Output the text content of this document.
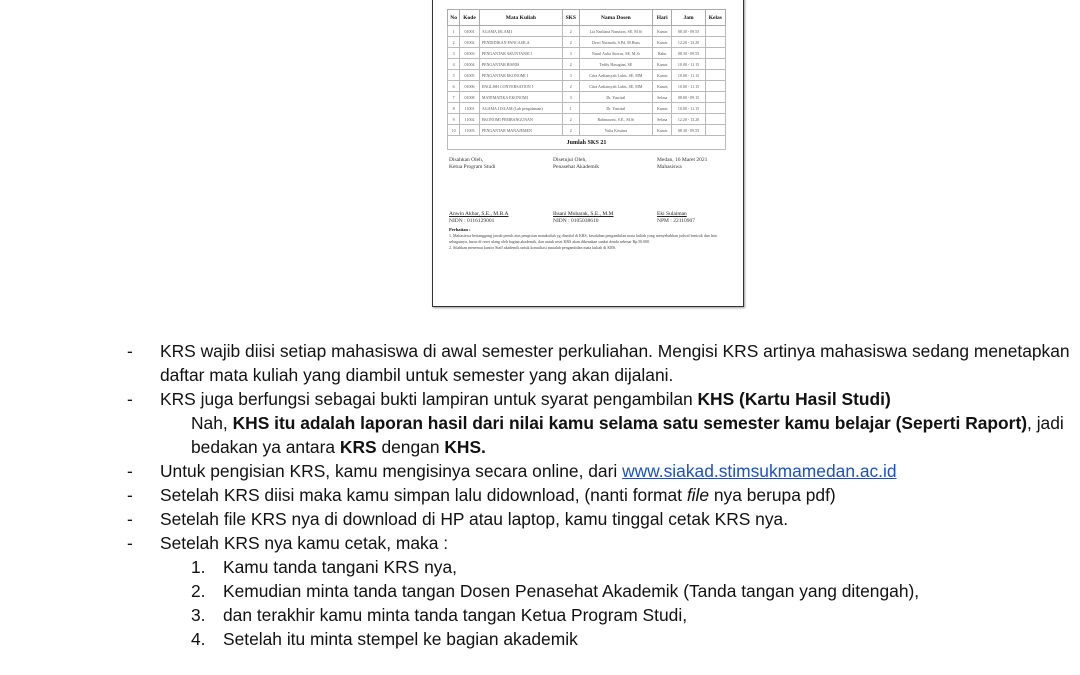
No	Kode	Mata Kuliah	SKS	Nama Dosen	Hari	Jam	Kelas
1	01001	AGAMA ISLAM I	2	Lia Nazliana Nasution, SE, M.Si	Kamis	08.30 - 09.55	
2	01002	PENDIDIKAN PANCASILA	2	Dewi Nurmala, S.Pd, M.Hum	Kamis	12.20 - 13.20	
3	01003	PENGANTAR AKUNTANSI I	3	Nurul Aulia Sitorus, SE, M.Si	Rabu	08.30 - 09.55	
4	01004	PENGANTAR BISNIS	2	Teddy Hasugian, SE	Kamis	10.00 - 11.15	
5	01005	PENGANTAR EKONOMI I	3	Citra Ardiansyah Lubis, SE, MM	Kamis	10.00 - 11.15	
6	01006	ENGLISH CONVERSATION I	2	Citra Ardiansyah Lubis, SE, MM	Kamis	10.00 - 11.15	
7	01008	MATEMATIKA EKONOMI	3	Dr. Yusrizal	Selasa	08.00 - 09.15	
8	11001	AGAMA I ISLAM (Lab pengalaman)	1	Dr. Yusrizal	Kamis	10.00 - 11.15	
9	11002	EKONOMI PEMBANGUNAN	2	Rahmawati, S.E., M.Si	Selasa	12.20 - 13.20	
10	11003	PENGANTAR MANAJEMEN	2	Yulia Kristina	Kamis	08.30 - 09.55	
Jumlah SKS 21							
Disahkan Oleh,
Ketua Program Studi
Anwin Akbar, S.E., M.B.A
NIDN : 0116129001
Disetujui Oleh,
Penasehat Akademik
Ihsani Mubarak, S.E., M.M
NIDN : 0105038610
Medan, 16 Maret 2021
Mahasiswa
Eki Sulaiman
NPM : 22110907
Perhatian :
1. Mahasiswa bertanggung jawab penuh atas pengisian matakuliah yg diambil di KRS, kesalahan pengambilan mata kuliah yang menyebabkan jadwal bentrok dan lain sebagainya, harus di reset ulang oleh bagian akademik, dan untuk reset KRS akan dikenakan sanksi denda sebesar Rp.50.000
2. Silahkan menemui kantor Staff akademik untuk konsultasi masalah pengambilan mata kuliah di KRS.
- KRS wajib diisi setiap mahasiswa di awal semester perkuliahan. Mengisi KRS artinya mahasiswa sedang menetapkan daftar mata kuliah yang diambil untuk semester yang akan dijalani.
- KRS juga berfungsi sebagai bukti lampiran untuk syarat pengambilan KHS (Kartu Hasil Studi)
Nah, KHS itu adalah laporan hasil dari nilai kamu selama satu semester kamu belajar (Seperti Raport), jadi bedakan ya antara KRS dengan KHS.
- Untuk pengisian KRS, kamu mengisinya secara online, dari www.siakad.stimsukmamedan.ac.id
- Setelah KRS diisi maka kamu simpan lalu didownload, (nanti format file nya berupa pdf)
- Setelah file KRS nya di download di HP atau laptop, kamu tinggal cetak KRS nya.
- Setelah KRS nya kamu cetak, maka :
1. Kamu tanda tangani KRS nya,
2. Kemudian minta tanda tangan Dosen Penasehat Akademik (Tanda tangan yang ditengah),
3. dan terakhir kamu minta tanda tangan Ketua Program Studi,
4. Setelah itu minta stempel ke bagian akademik
